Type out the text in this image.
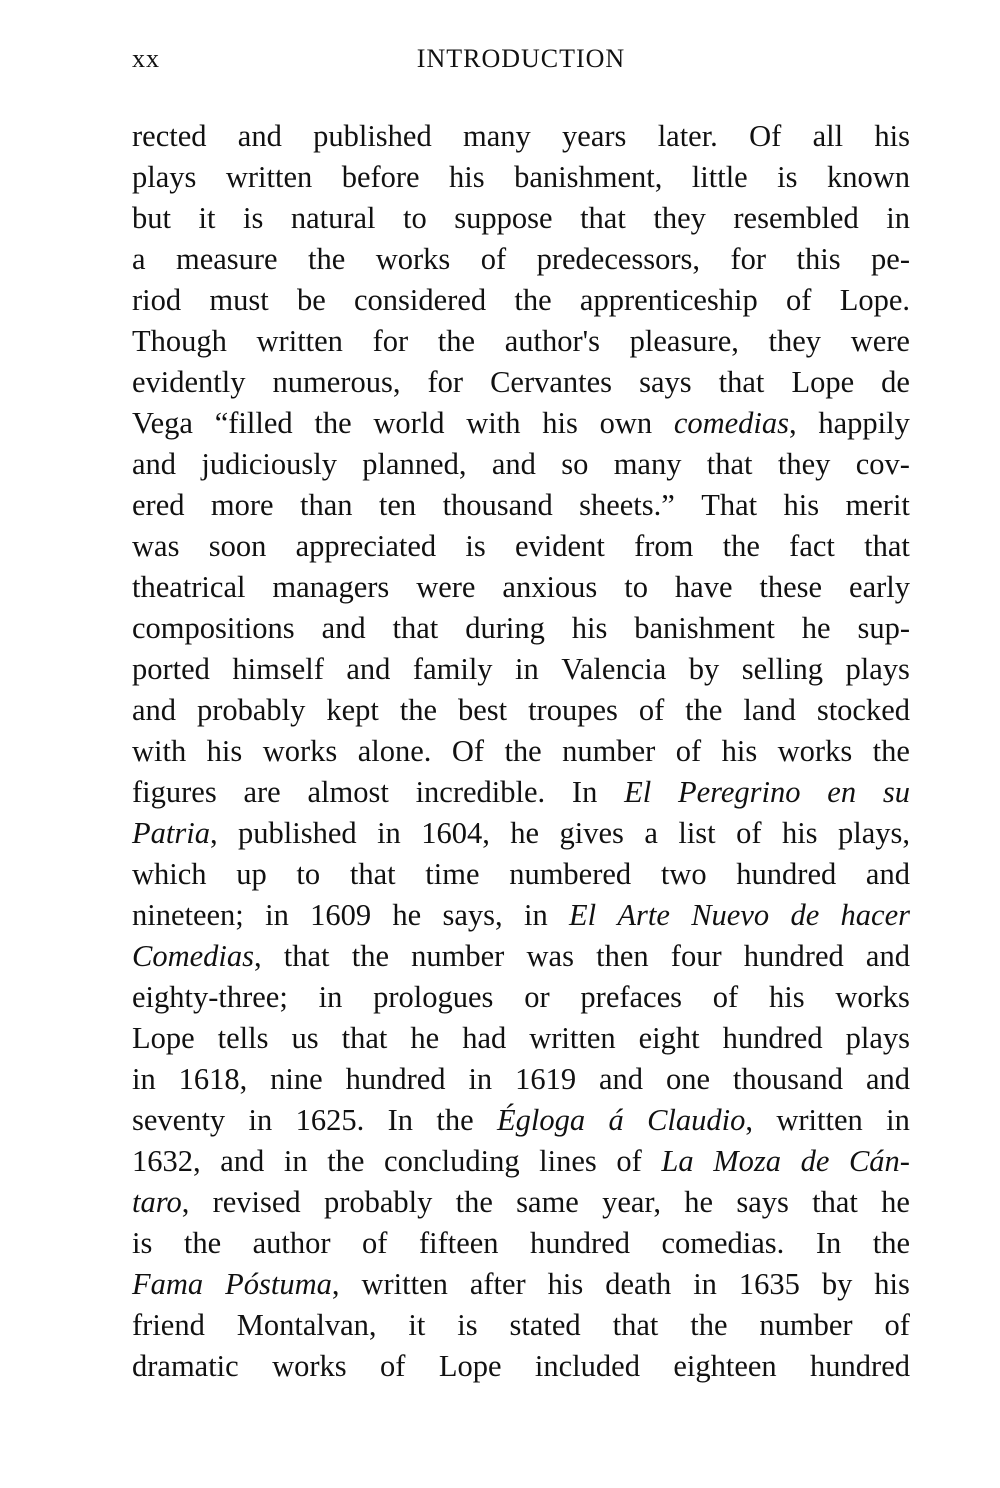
xx	INTRODUCTION
rected and published many years later. Of all his
plays written before his banishment, little is known
but it is natural to suppose that they resembled in
a measure the works of predecessors, for this pe-
riod must be considered the apprenticeship of Lope.
Though written for the author's pleasure, they were
evidently numerous, for Cervantes says that Lope de
Vega “filled the world with his own comedias, happily
and judiciously planned, and so many that they cov-
ered more than ten thousand sheets.” That his merit
was soon appreciated is evident from the fact that
theatrical managers were anxious to have these early
compositions and that during his banishment he sup-
ported himself and family in Valencia by selling plays
and probably kept the best troupes of the land stocked
with his works alone. Of the number of his works the
figures are almost incredible. In El Peregrino en su
Patria, published in 1604, he gives a list of his plays,
which up to that time numbered two hundred and
nineteen; in 1609 he says, in El Arte Nuevo de hacer
Comedias, that the number was then four hundred and
eighty-three; in prologues or prefaces of his works
Lope tells us that he had written eight hundred plays
in 1618, nine hundred in 1619 and one thousand and
seventy in 1625. In the Égloga á Claudio, written in
1632, and in the concluding lines of La Moza de Cán-
taro, revised probably the same year, he says that he
is the author of fifteen hundred comedias. In the
Fama Póstuma, written after his death in 1635 by his
friend Montalvan, it is stated that the number of
dramatic works of Lope included eighteen hundred
